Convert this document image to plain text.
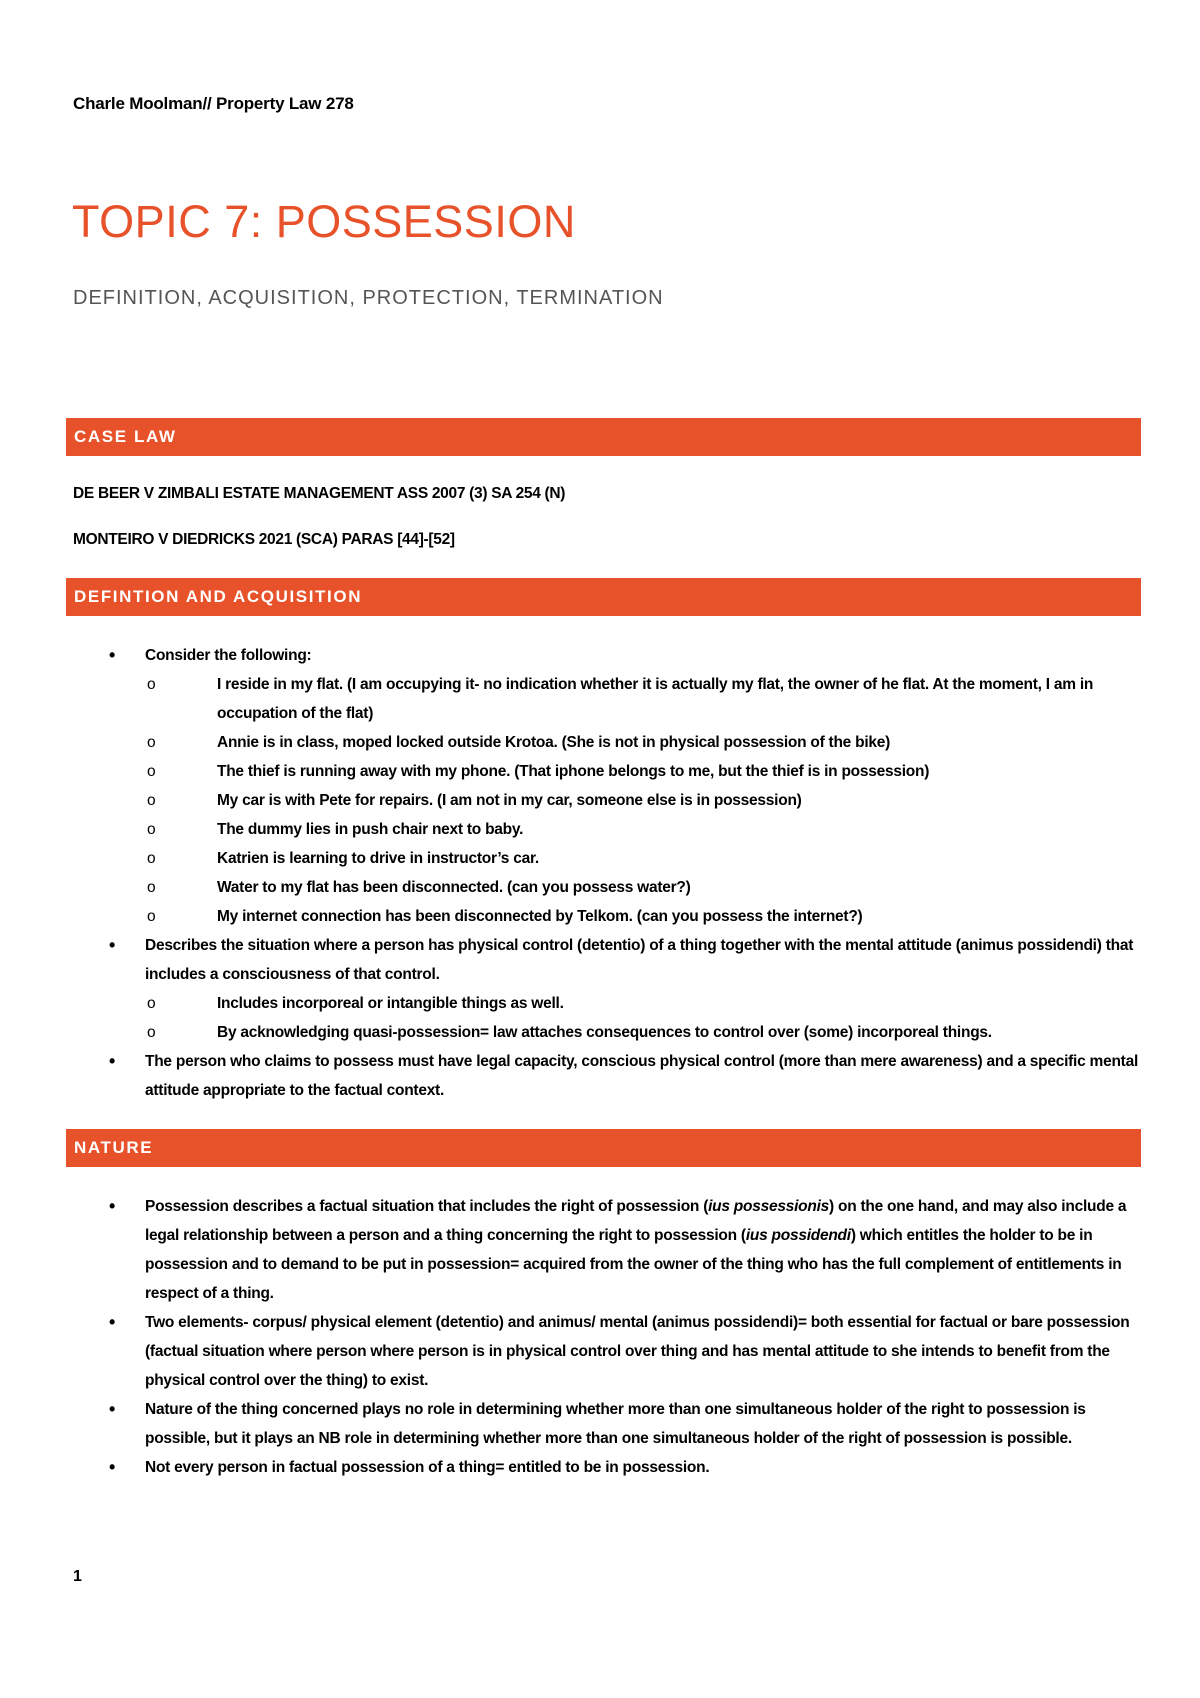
Charle Moolman// Property Law 278
TOPIC 7: POSSESSION
DEFINITION, ACQUISITION, PROTECTION, TERMINATION
CASE LAW

DE BEER V ZIMBALI ESTATE MANAGEMENT ASS 2007 (3) SA 254 (N)

MONTEIRO V DIEDRICKS 2021 (SCA) PARAS [44]-[52]

DEFINTION AND ACQUISITION
• Consider the following:
o	I reside in my flat. (I am occupying it- no indication whether it is actually my flat, the owner of he flat. At the moment, I am in occupation of the flat)
o	Annie is in class, moped locked outside Krotoa. (She is not in physical possession of the bike)
o	The thief is running away with my phone. (That iphone belongs to me, but the thief is in possession)
o	My car is with Pete for repairs. (I am not in my car, someone else is in possession)
o	The dummy lies in push chair next to baby.
o	Katrien is learning to drive in instructor’s car.
o	Water to my flat has been disconnected. (can you possess water?)
o	My internet connection has been disconnected by Telkom. (can you possess the internet?)
• Describes the situation where a person has physical control (detentio) of a thing together with the mental attitude (animus possidendi) that includes a consciousness of that control.
o	Includes incorporeal or intangible things as well.
o	By acknowledging quasi-possession= law attaches consequences to control over (some) incorporeal things.
• The person who claims to possess must have legal capacity, conscious physical control (more than mere awareness) and a specific mental attitude appropriate to the factual context.
NATURE
• Possession describes a factual situation that includes the right of possession (ius possessionis) on the one hand, and may also include a legal relationship between a person and a thing concerning the right to possession (ius possidendi) which entitles the holder to be in possession and to demand to be put in possession= acquired from the owner of the thing who has the full complement of entitlements in respect of a thing.
• Two elements- corpus/ physical element (detentio) and animus/ mental (animus possidendi)= both essential for factual or bare possession (factual situation where person where person is in physical control over thing and has mental attitude to she intends to benefit from the physical control over the thing) to exist.
• Nature of the thing concerned plays no role in determining whether more than one simultaneous holder of the right to possession is possible, but it plays an NB role in determining whether more than one simultaneous holder of the right of possession is possible.
• Not every person in factual possession of a thing= entitled to be in possession.
1
